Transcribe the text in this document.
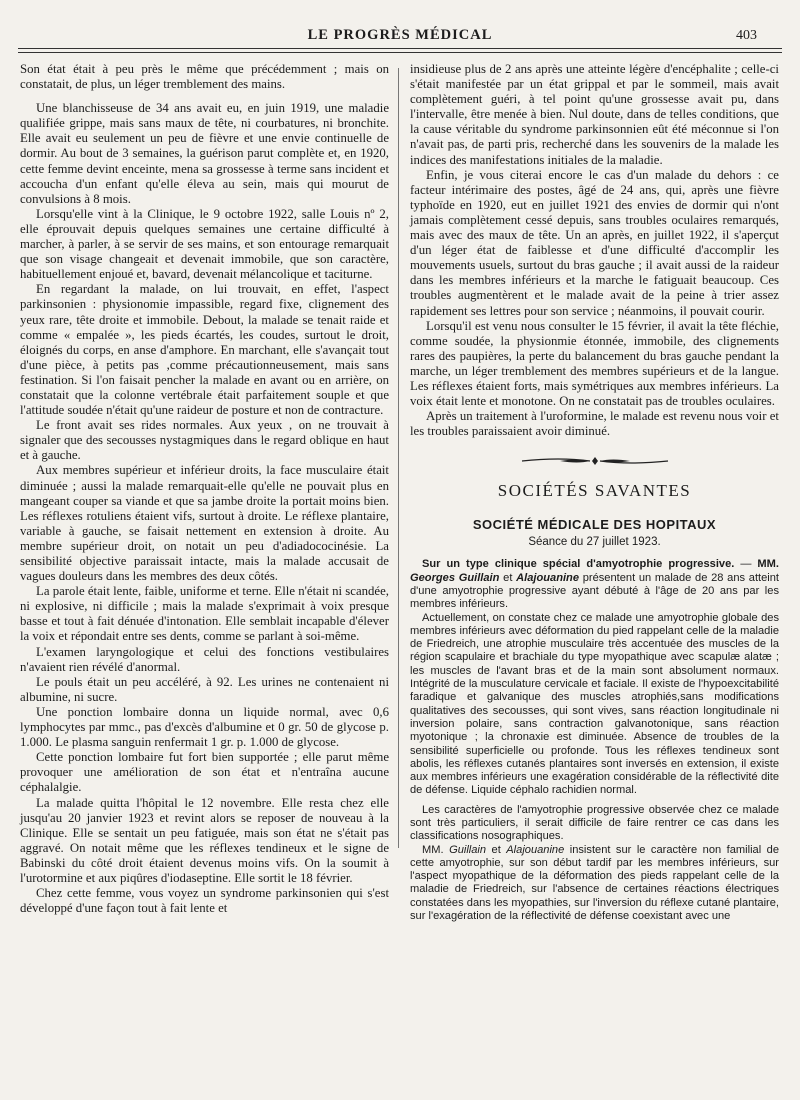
LE PROGRÈS MÉDICAL	403

Son état était à peu près le même que précédemment ; mais on constatait, de plus, un léger tremblement des mains.

Une blanchisseuse de 34 ans avait eu, en juin 1919, une maladie qualifiée grippe, mais sans maux de tête, ni courbatures, ni bronchite. Elle avait eu seulement un peu de fièvre et une envie continuelle de dormir. Au bout de 3 semaines, la guérison parut complète et, en 1920, cette femme devint enceinte, mena sa grossesse à terme sans incident et accoucha d'un enfant qu'elle éleva au sein, mais qui mourut de convulsions à 8 mois.

Lorsqu'elle vint à la Clinique, le 9 octobre 1922, salle Louis nº 2, elle éprouvait depuis quelques semaines une certaine difficulté à marcher, à parler, à se servir de ses mains, et son entourage remarquait que son visage changeait et devenait immobile, que son caractère, habituellement enjoué et, bavard, devenait mélancolique et taciturne.

En regardant la malade, on lui trouvait, en effet, l'aspect parkinsonien : physionomie impassible, regard fixe, clignement des yeux rare, tête droite et immobile. Debout, la malade se tenait raide et comme « empalée », les pieds écartés, les coudes, surtout le droit, éloignés du corps, en anse d'amphore. En marchant, elle s'avançait tout d'une pièce, à petits pas ,comme précautionneusement, mais sans festination. Si l'on faisait pencher la malade en avant ou en arrière, on constatait que la colonne vertébrale était parfaitement souple et que l'attitude soudée n'était qu'une raideur de posture et non de contracture.

Le front avait ses rides normales. Aux yeux , on ne trouvait à signaler que des secousses nystagmiques dans le regard oblique en haut et à gauche.

Aux membres supérieur et inférieur droits, la face musculaire était diminuée ; aussi la malade remarquait-elle qu'elle ne pouvait plus en mangeant couper sa viande et que sa jambe droite la portait moins bien. Les réflexes rotuliens étaient vifs, surtout à droite. Le réflexe plantaire, variable à gauche, se faisait nettement en extension à droite. Au membre supérieur droit, on notait un peu d'adiadococinésie. La sensibilité objective paraissait intacte, mais la malade accusait de vagues douleurs dans les membres des deux côtés.

La parole était lente, faible, uniforme et terne. Elle n'était ni scandée, ni explosive, ni difficile ; mais la malade s'exprimait à voix presque basse et tout à fait dénuée d'intonation. Elle semblait incapable d'élever la voix et répondait entre ses dents, comme se parlant à soi-même.

L'examen laryngologique et celui des fonctions vestibulaires n'avaient rien révélé d'anormal.

Le pouls était un peu accéléré, à 92. Les urines ne contenaient ni albumine, ni sucre.

Une ponction lombaire donna un liquide normal, avec 0,6 lymphocytes par mmc., pas d'excès d'albumine et 0 gr. 50 de glycose p. 1.000. Le plasma sanguin renfermait 1 gr. p. 1.000 de glycose.

Cette ponction lombaire fut fort bien supportée ; elle parut même provoquer une amélioration de son état et n'entraîna aucune céphalalgie.

La malade quitta l'hôpital le 12 novembre. Elle resta chez elle jusqu'au 20 janvier 1923 et revint alors se reposer de nouveau à la Clinique. Elle se sentait un peu fatiguée, mais son état ne s'était pas aggravé. On notait même que les réflexes tendineux et le signe de Babinski du côté droit étaient devenus moins vifs. On la soumit à l'urotormine et aux piqûres d'iodaseptine. Elle sortit le 18 février.

Chez cette femme, vous voyez un syndrome parkinsonien qui s'est développé d'une façon tout à fait lente et

insidieuse plus de 2 ans après une atteinte légère d'encéphalite ; celle-ci s'était manifestée par un état grippal et par le sommeil, mais avait complètement guéri, à tel point qu'une grossesse avait pu, dans l'intervalle, être menée à bien. Nul doute, dans de telles conditions, que la cause véritable du syndrome parkinsonnien eût été méconnue si l'on n'avait pas, de parti pris, recherché dans les souvenirs de la malade les indices des manifestations initiales de la maladie.

Enfin, je vous citerai encore le cas d'un malade du dehors : ce facteur intérimaire des postes, âgé de 24 ans, qui, après une fièvre typhoïde en 1920, eut en juillet 1921 des envies de dormir qui n'ont jamais complètement cessé depuis, sans troubles oculaires remarqués, mais avec des maux de tête. Un an après, en juillet 1922, il s'aperçut d'un léger état de faiblesse et d'une difficulté d'accomplir les mouvements usuels, surtout du bras gauche ; il avait aussi de la raideur dans les membres inférieurs et la marche le fatiguait beaucoup. Ces troubles augmentèrent et le malade avait de la peine à trier assez rapidement ses lettres pour son service ; néanmoins, il pouvait courir.

Lorsqu'il est venu nous consulter le 15 février, il avait la tête fléchie, comme soudée, la physionmie étonnée, immobile, des clignements rares des paupières, la perte du balancement du bras gauche pendant la marche, un léger tremblement des membres supérieurs et de la langue. Les réflexes étaient forts, mais symétriques aux membres inférieurs. La voix était lente et monotone. On ne constatait pas de troubles oculaires.

Après un traitement à l'uroformine, le malade est revenu nous voir et les troubles paraissaient avoir diminué.

SOCIÉTÉS SAVANTES
SOCIÉTÉ MÉDICALE DES HOPITAUX
Séance du 27 juillet 1923.

Sur un type clinique spécial d'amyotrophie progressive. — MM. Georges Guillain et Alajouanine présentent un malade de 28 ans atteint d'une amyotrophie progressive ayant débuté à l'âge de 20 ans par les membres inférieurs.

Actuellement, on constate chez ce malade une amyotrophie globale des membres inférieurs avec déformation du pied rappelant celle de la maladie de Friedreich, une atrophie musculaire très accentuée des muscles de la région scapulaire et brachiale du type myopathique avec scapulæ alatæ ; les muscles de l'avant bras et de la main sont absolument normaux. Intégrité de la musculature cervicale et faciale. Il existe de l'hypoexcitabilité faradique et galvanique des muscles atrophiés,sans modifications qualitatives des secousses, qui sont vives, sans réaction longitudinale ni inversion polaire, sans contraction galvanotonique, sans réaction myotonique ; la chronaxie est diminuée. Absence de troubles de la sensibilité superficielle ou profonde. Tous les réflexes tendineux sont abolis, les réflexes cutanés plantaires sont inversés en extension, il existe aux membres inférieurs une exagération considérable de la réflectivité dite de défense. Liquide céphalo rachidien normal.

Les caractères de l'amyotrophie progressive observée chez ce malade sont très particuliers, il serait difficile de faire rentrer ce cas dans les classifications nosographiques.

MM. Guillain et Alajouanine insistent sur le caractère non familial de cette amyotrophie, sur son début tardif par les membres inférieurs, sur l'aspect myopathique de la déformation des pieds rappelant celle de la maladie de Friedreich, sur l'absence de certaines réactions électriques constatées dans les myopathies, sur l'inversion du réflexe cutané plantaire, sur l'exagération de la réflectivité de défense coexistant avec une
